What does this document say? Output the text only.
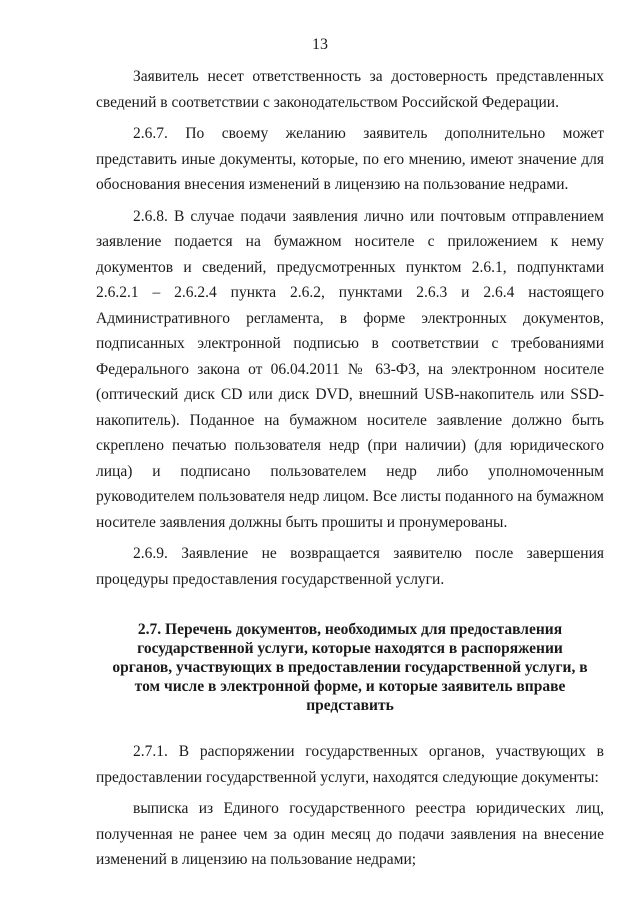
13

Заявитель несет ответственность за достоверность представленных сведений в соответствии с законодательством Российской Федерации.

2.6.7. По своему желанию заявитель дополнительно может представить иные документы, которые, по его мнению, имеют значение для обоснования внесения изменений в лицензию на пользование недрами.

2.6.8. В случае подачи заявления лично или почтовым отправлением заявление подается на бумажном носителе с приложением к нему документов и сведений, предусмотренных пунктом 2.6.1, подпунктами 2.6.2.1 – 2.6.2.4 пункта 2.6.2, пунктами 2.6.3 и 2.6.4 настоящего Административного регламента, в форме электронных документов, подписанных электронной подписью в соответствии с требованиями Федерального закона от 06.04.2011 № 63-ФЗ, на электронном носителе (оптический диск CD или диск DVD, внешний USB-накопитель или SSD-накопитель). Поданное на бумажном носителе заявление должно быть скреплено печатью пользователя недр (при наличии) (для юридического лица) и подписано пользователем недр либо уполномоченным руководителем пользователя недр лицом. Все листы поданного на бумажном носителе заявления должны быть прошиты и пронумерованы.

2.6.9. Заявление не возвращается заявителю после завершения процедуры предоставления государственной услуги.

2.7. Перечень документов, необходимых для предоставления государственной услуги, которые находятся в распоряжении органов, участвующих в предоставлении государственной услуги, в том числе в электронной форме, и которые заявитель вправе представить

2.7.1. В распоряжении государственных органов, участвующих в предоставлении государственной услуги, находятся следующие документы:

выписка из Единого государственного реестра юридических лиц, полученная не ранее чем за один месяц до подачи заявления на внесение изменений в лицензию на пользование недрами;
